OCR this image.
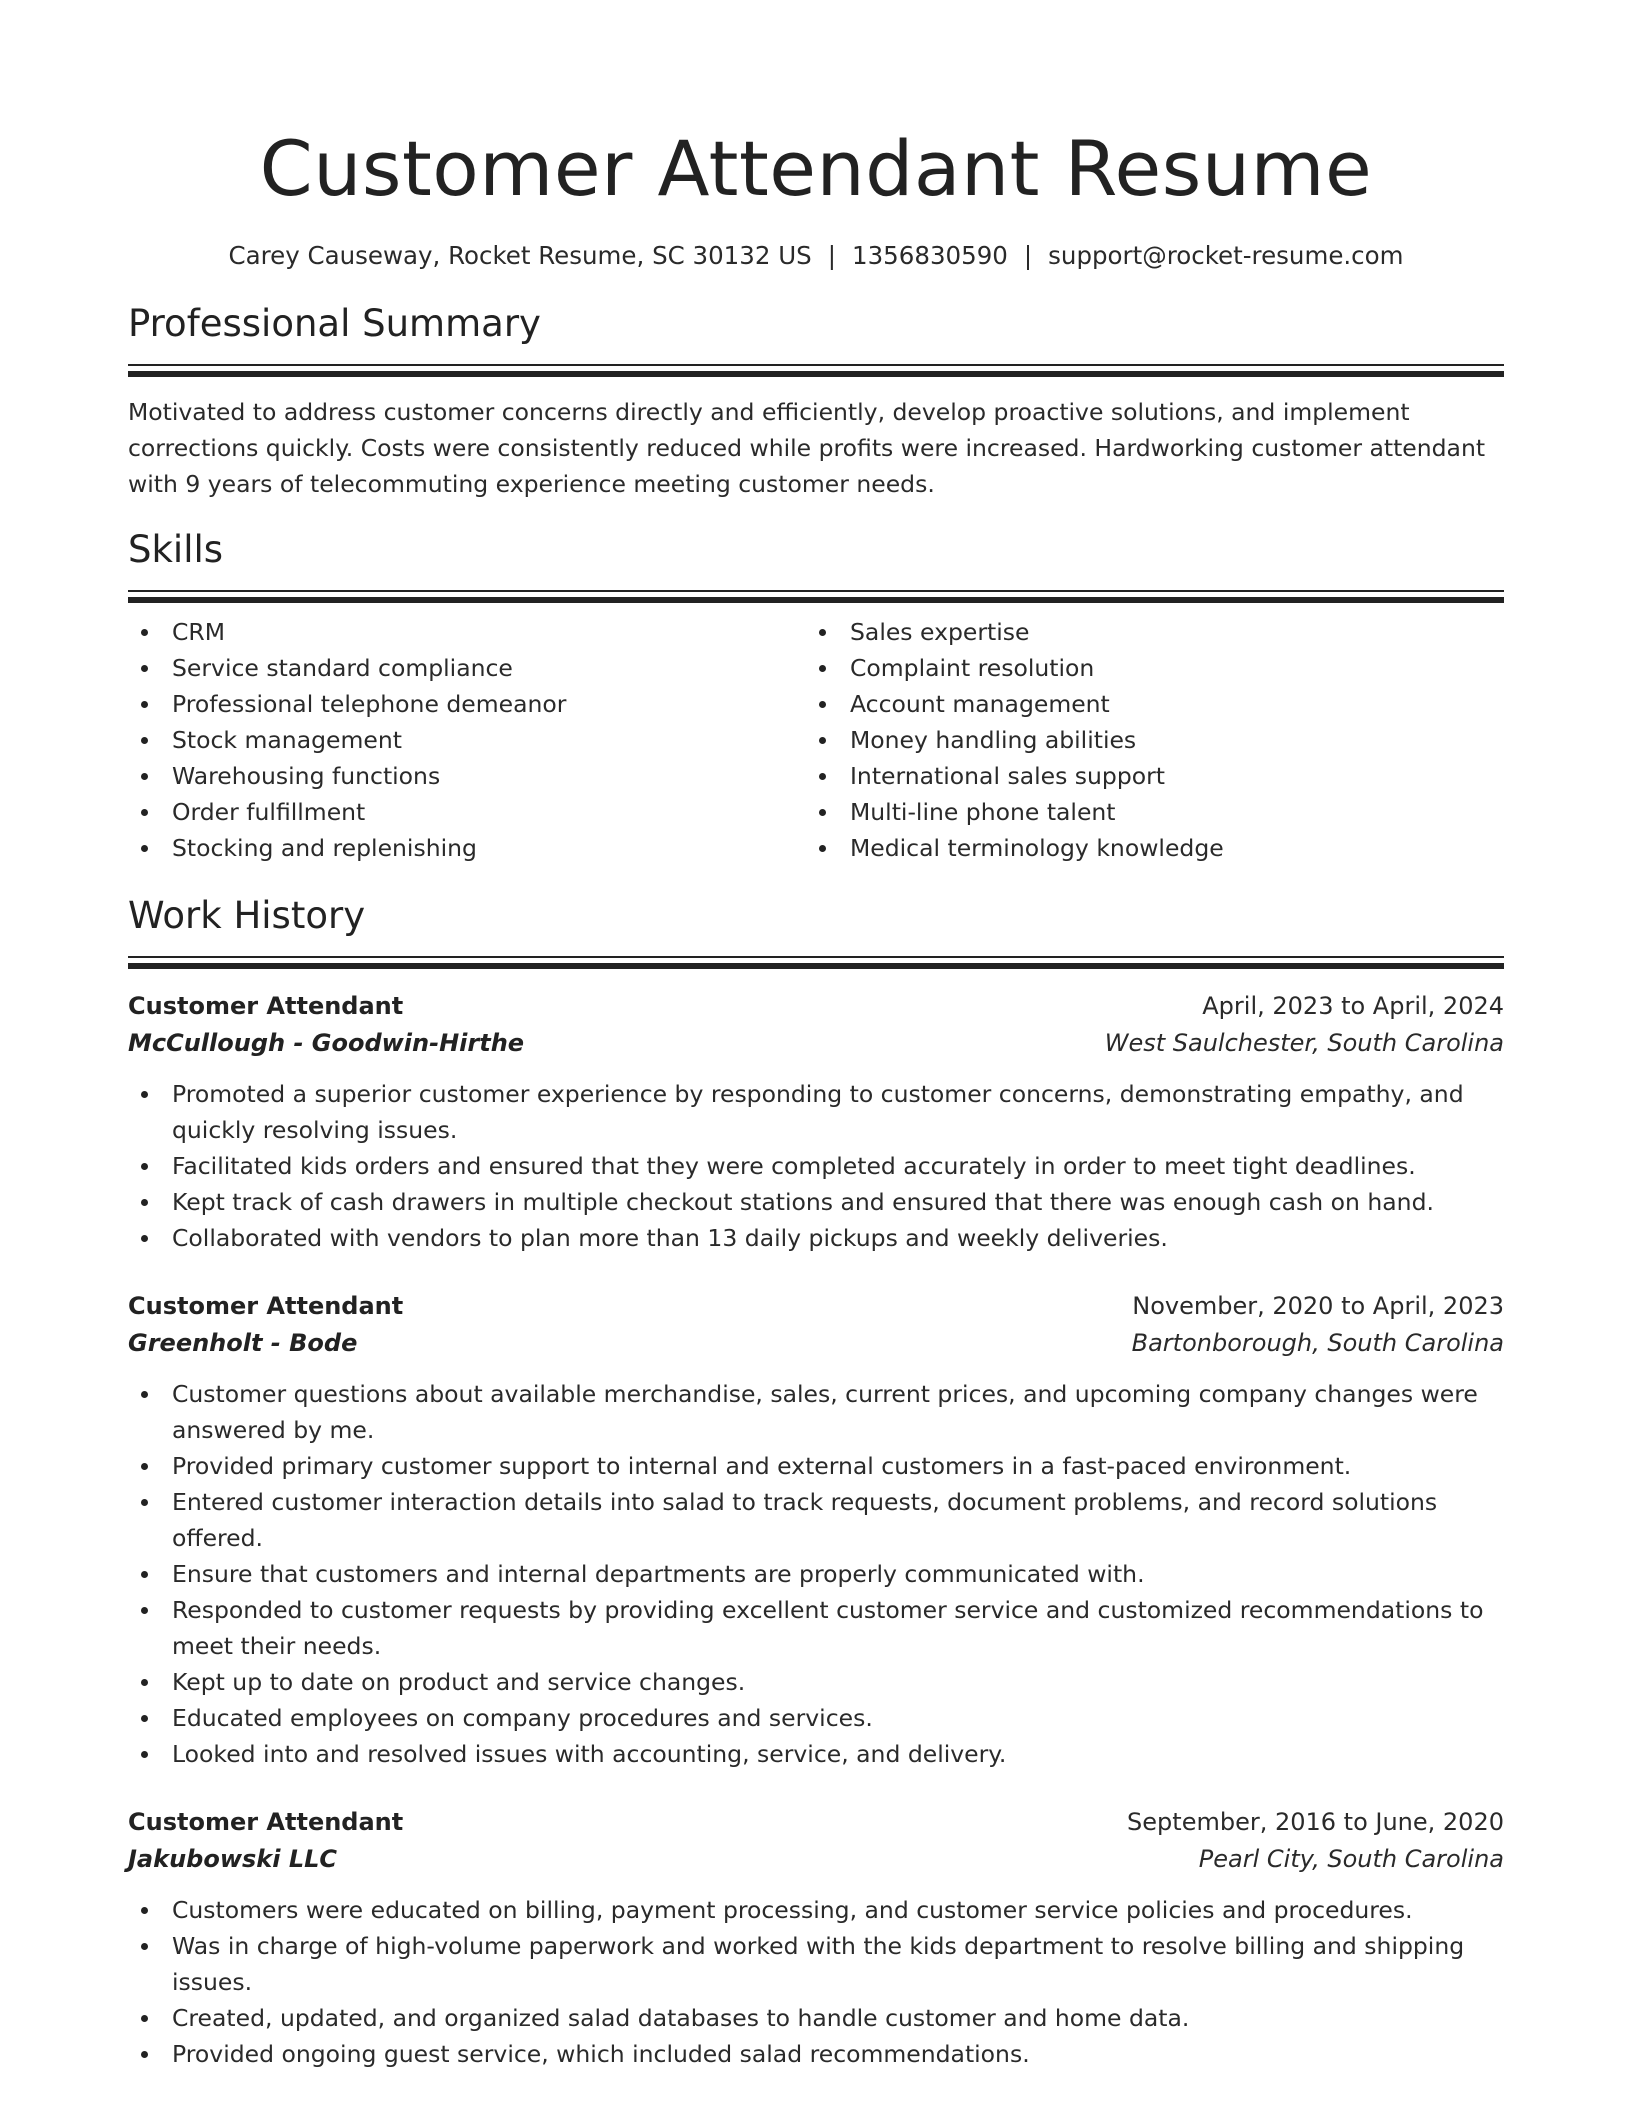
Customer Attendant Resume
Carey Causeway, Rocket Resume, SC 30132 US | 1356830590 | support@rocket-resume.com
Professional Summary

Motivated to address customer concerns directly and efficiently, develop proactive solutions, and implement corrections quickly. Costs were consistently reduced while profits were increased. Hardworking customer attendant with 9 years of telecommuting experience meeting customer needs.

Skills
CRM
Service standard compliance
Professional telephone demeanor
Stock management
Warehousing functions
Order fulfillment
Stocking and replenishing
Sales expertise
Complaint resolution
Account management
Money handling abilities
International sales support
Multi-line phone talent
Medical terminology knowledge
Work History
Customer Attendant	April, 2023 to April, 2024
McCullough - Goodwin-Hirthe	West Saulchester, South Carolina
Promoted a superior customer experience by responding to customer concerns, demonstrating empathy, and quickly resolving issues.
Facilitated kids orders and ensured that they were completed accurately in order to meet tight deadlines.
Kept track of cash drawers in multiple checkout stations and ensured that there was enough cash on hand.
Collaborated with vendors to plan more than 13 daily pickups and weekly deliveries.
Customer Attendant	November, 2020 to April, 2023
Greenholt - Bode	Bartonborough, South Carolina
Customer questions about available merchandise, sales, current prices, and upcoming company changes were answered by me.
Provided primary customer support to internal and external customers in a fast-paced environment.
Entered customer interaction details into salad to track requests, document problems, and record solutions offered.
Ensure that customers and internal departments are properly communicated with.
Responded to customer requests by providing excellent customer service and customized recommendations to meet their needs.
Kept up to date on product and service changes.
Educated employees on company procedures and services.
Looked into and resolved issues with accounting, service, and delivery.
Customer Attendant	September, 2016 to June, 2020
Jakubowski LLC	Pearl City, South Carolina
Customers were educated on billing, payment processing, and customer service policies and procedures.
Was in charge of high-volume paperwork and worked with the kids department to resolve billing and shipping issues.
Created, updated, and organized salad databases to handle customer and home data.
Provided ongoing guest service, which included salad recommendations.
